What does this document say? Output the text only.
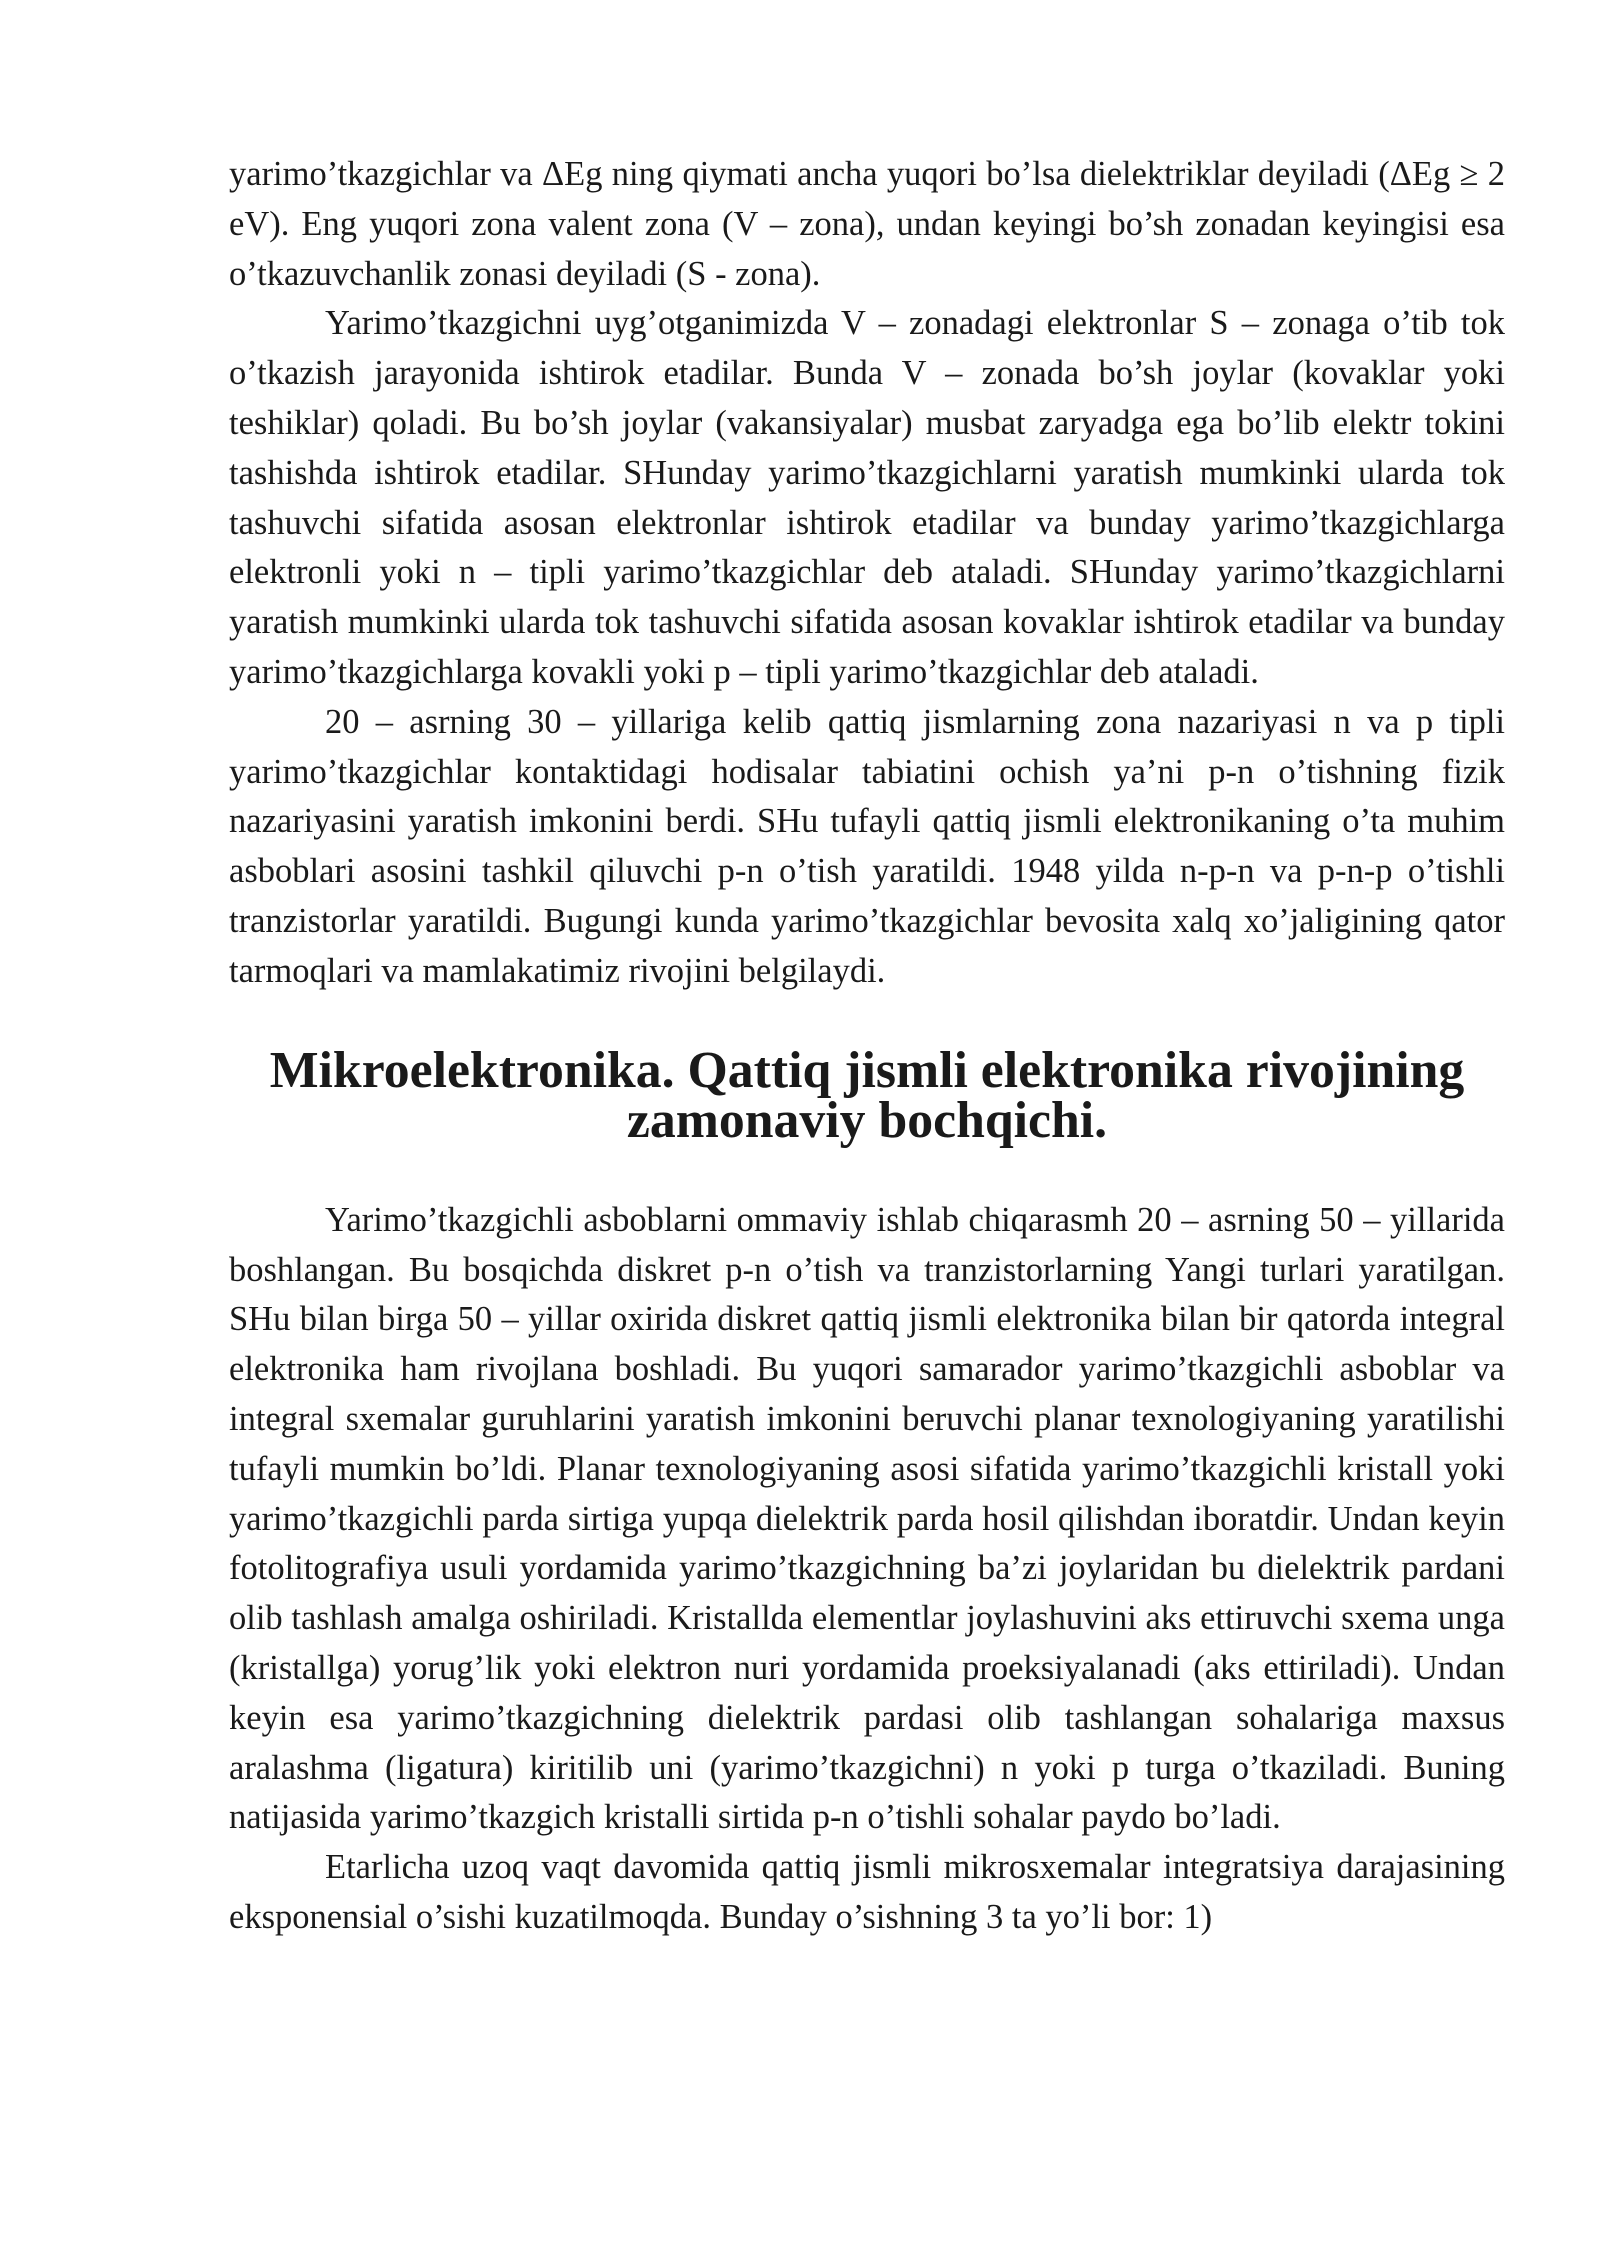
yarimo’tkazgichlar va ΔEg ning qiymati ancha yuqori bo’lsa dielektriklar deyiladi (ΔEg ≥ 2 eV). Eng yuqori zona valent zona (V – zona), undan keyingi bo’sh zonadan keyingisi esa o’tkazuvchanlik zonasi deyiladi (S - zona).

Yarimo’tkazgichni uyg’otganimizda V – zonadagi elektronlar S – zonaga o’tib tok o’tkazish jarayonida ishtirok etadilar. Bunda V – zonada bo’sh joylar (kovaklar yoki teshiklar) qoladi. Bu bo’sh joylar (vakansiyalar) musbat zaryadga ega bo’lib elektr tokini tashishda ishtirok etadilar. SHunday yarimo’tkazgichlarni yaratish mumkinki ularda tok tashuvchi sifatida asosan elektronlar ishtirok etadilar va bunday yarimo’tkazgichlarga elektronli yoki n – tipli yarimo’tkazgichlar deb ataladi. SHunday yarimo’tkazgichlarni yaratish mumkinki ularda tok tashuvchi sifatida asosan kovaklar ishtirok etadilar va bunday yarimo’tkazgichlarga kovakli yoki p – tipli yarimo’tkazgichlar deb ataladi.

20 – asrning 30 – yillariga kelib qattiq jismlarning zona nazariyasi n va p tipli yarimo’tkazgichlar kontaktidagi hodisalar tabiatini ochish ya’ni p-n o’tishning fizik nazariyasini yaratish imkonini berdi. SHu tufayli qattiq jismli elektronikaning o’ta muhim asboblari asosini tashkil qiluvchi p-n o’tish yaratildi. 1948 yilda n-p-n va p-n-p o’tishli tranzistorlar yaratildi. Bugungi kunda yarimo’tkazgichlar bevosita xalq xo’jaligining qator tarmoqlari va mamlakatimiz rivojini belgilaydi.

Mikroelektronika. Qattiq jismli elektronika rivojining
zamonaviy bochqichi.

Yarimo’tkazgichli asboblarni ommaviy ishlab chiqarasmh 20 – asrning 50 – yillarida boshlangan. Bu bosqichda diskret p-n o’tish va tranzistorlarning Yangi turlari yaratilgan. SHu bilan birga 50 – yillar oxirida diskret qattiq jismli elektronika bilan bir qatorda integral elektronika ham rivojlana boshladi. Bu yuqori samarador yarimo’tkazgichli asboblar va integral sxemalar guruhlarini yaratish imkonini beruvchi planar texnologiyaning yaratilishi tufayli mumkin bo’ldi. Planar texnologiyaning asosi sifatida yarimo’tkazgichli kristall yoki yarimo’tkazgichli parda sirtiga yupqa dielektrik parda hosil qilishdan iboratdir. Undan keyin fotolitografiya usuli yordamida yarimo’tkazgichning ba’zi joylaridan bu dielektrik pardani olib tashlash amalga oshiriladi. Kristallda elementlar joylashuvini aks ettiruvchi sxema unga (kristallga) yorug’lik yoki elektron nuri yordamida proeksiyalanadi (aks ettiriladi). Undan keyin esa yarimo’tkazgichning dielektrik pardasi olib tashlangan sohalariga maxsus aralashma (ligatura) kiritilib uni (yarimo’tkazgichni) n yoki p turga o’tkaziladi. Buning natijasida yarimo’tkazgich kristalli sirtida p-n o’tishli sohalar paydo bo’ladi.

Etarlicha uzoq vaqt davomida qattiq jismli mikrosxemalar integratsiya darajasining eksponensial o’sishi kuzatilmoqda. Bunday o’sishning 3 ta yo’li bor: 1)
